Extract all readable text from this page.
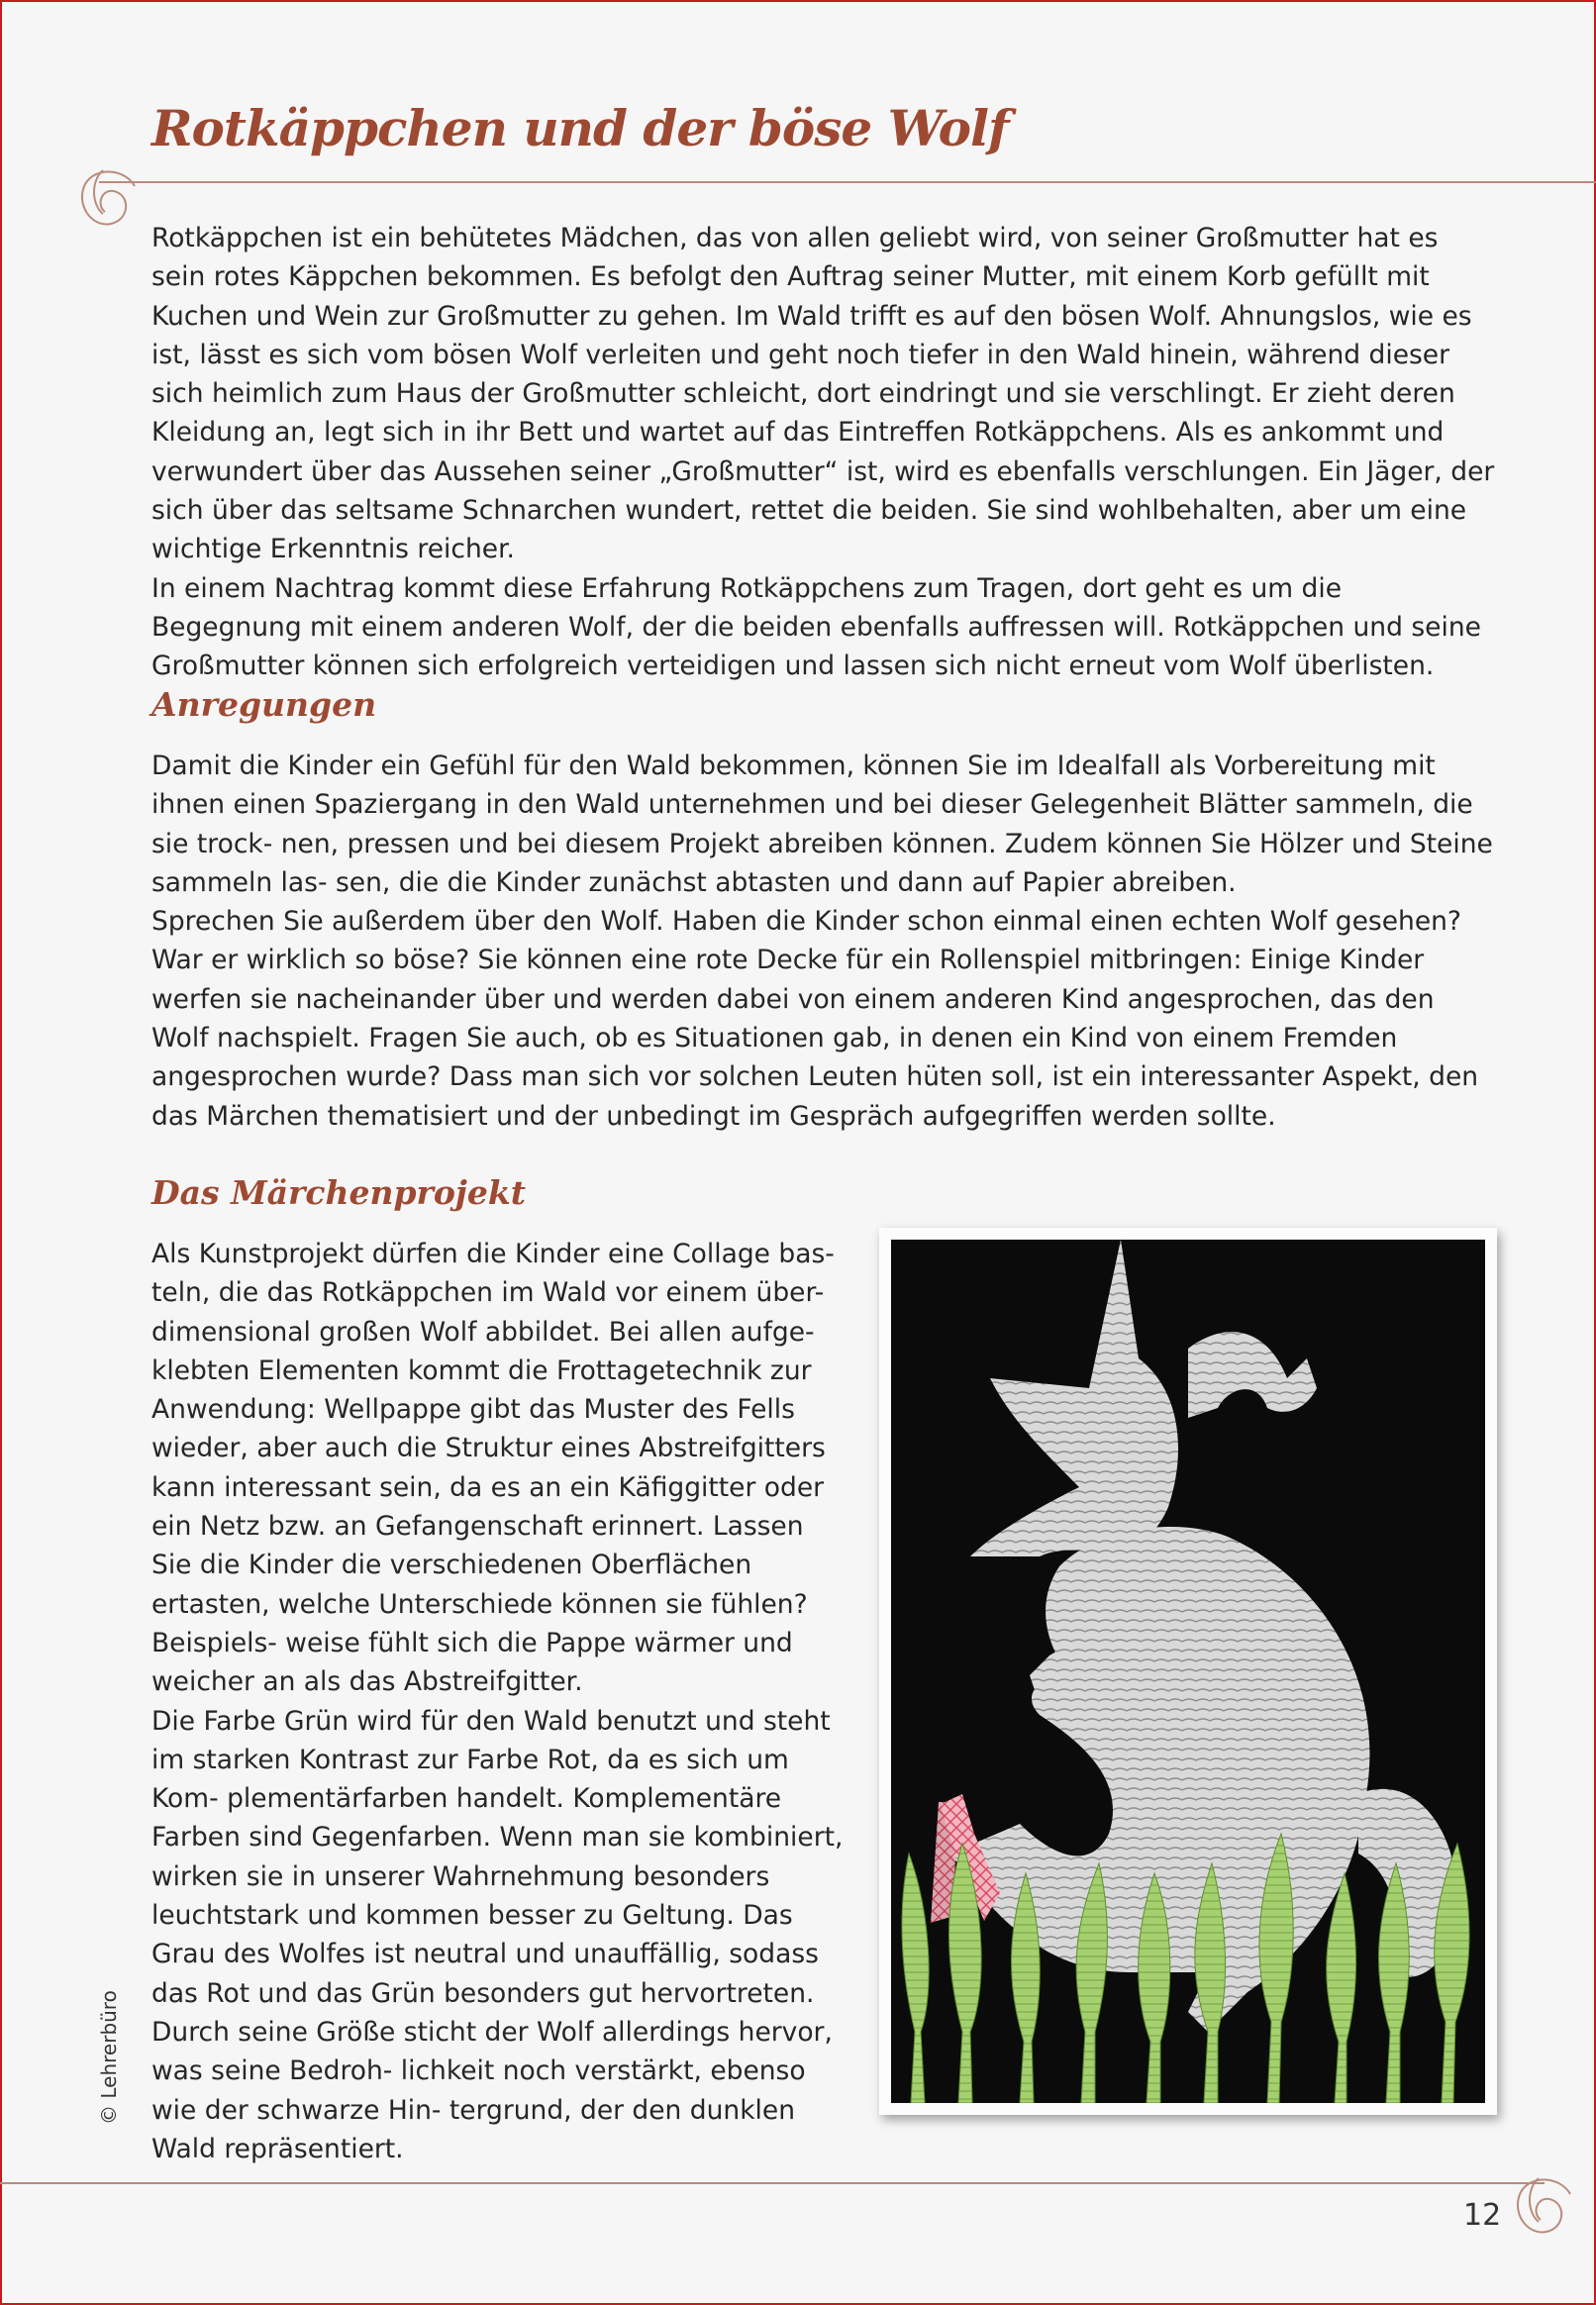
Rotkäppchen und der böse Wolf

Rotkäppchen ist ein behütetes Mädchen, das von allen geliebt wird, von seiner Großmutter hat es sein rotes Käppchen bekommen. Es befolgt den Auftrag seiner Mutter, mit einem Korb gefüllt mit Kuchen und Wein zur Großmutter zu gehen. Im Wald trifft es auf den bösen Wolf. Ahnungslos, wie es ist, lässt es sich vom bösen Wolf verleiten und geht noch tiefer in den Wald hinein, während dieser sich heimlich zum Haus der Großmutter schleicht, dort eindringt und sie verschlingt. Er zieht deren Kleidung an, legt sich in ihr Bett und wartet auf das Eintreffen Rotkäppchens. Als es ankommt und verwundert über das Aussehen seiner „Großmutter“ ist, wird es ebenfalls verschlungen. Ein Jäger, der sich über das seltsame Schnarchen wundert, rettet die beiden. Sie sind wohlbehalten, aber um eine wichtige Erkenntnis reicher.

In einem Nachtrag kommt diese Erfahrung Rotkäppchens zum Tragen, dort geht es um die Begegnung mit einem anderen Wolf, der die beiden ebenfalls auffressen will. Rotkäppchen und seine Großmutter können sich erfolgreich verteidigen und lassen sich nicht erneut vom Wolf überlisten.

Anregungen

Damit die Kinder ein Gefühl für den Wald bekommen, können Sie im Idealfall als Vorbereitung mit ihnen einen Spaziergang in den Wald unternehmen und bei dieser Gelegenheit Blätter sammeln, die sie trock- nen, pressen und bei diesem Projekt abreiben können. Zudem können Sie Hölzer und Steine sammeln las- sen, die die Kinder zunächst abtasten und dann auf Papier abreiben.

Sprechen Sie außerdem über den Wolf. Haben die Kinder schon einmal einen echten Wolf gesehen? War er wirklich so böse? Sie können eine rote Decke für ein Rollenspiel mitbringen: Einige Kinder werfen sie nacheinander über und werden dabei von einem anderen Kind angesprochen, das den Wolf nachspielt. Fragen Sie auch, ob es Situationen gab, in denen ein Kind von einem Fremden angesprochen wurde? Dass man sich vor solchen Leuten hüten soll, ist ein interessanter Aspekt, den das Märchen thematisiert und der unbedingt im Gespräch aufgegriffen werden sollte.

Das Märchenprojekt

Als Kunstprojekt dürfen die Kinder eine Collage bas- teln, die das Rotkäppchen im Wald vor einem über- dimensional großen Wolf abbildet. Bei allen aufge- klebten Elementen kommt die Frottagetechnik zur Anwendung: Wellpappe gibt das Muster des Fells wieder, aber auch die Struktur eines Abstreifgitters kann interessant sein, da es an ein Käfiggitter oder ein Netz bzw. an Gefangenschaft erinnert. Lassen Sie die Kinder die verschiedenen Oberflächen ertasten, welche Unterschiede können sie fühlen? Beispiels- weise fühlt sich die Pappe wärmer und weicher an als das Abstreifgitter.

Die Farbe Grün wird für den Wald benutzt und steht im starken Kontrast zur Farbe Rot, da es sich um Kom- plementärfarben handelt. Komplementäre Farben sind Gegenfarben. Wenn man sie kombiniert, wirken sie in unserer Wahrnehmung besonders leuchtstark und kommen besser zu Geltung. Das Grau des Wolfes ist neutral und unauffällig, sodass das Rot und das Grün besonders gut hervortreten. Durch seine Größe sticht der Wolf allerdings hervor, was seine Bedroh- lichkeit noch verstärkt, ebenso wie der schwarze Hin- tergrund, der den dunklen Wald repräsentiert.

© Lehrerbüro
12
